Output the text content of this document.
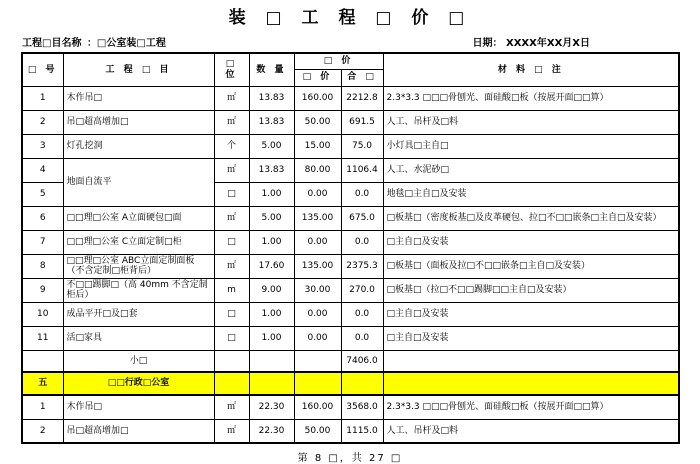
装 □ 工 程 □ 价 □
工程□目名称 ：□公室装□工程	日期： XXXX年XX月X日
□ 号	工 程 □ 目	□ 位	数 量	□ 价		材 料 □ 注
				□ 价	合 □	
1	木作吊□	㎡	13.83	160.00	2212.8	2.3*3.3 □□□骨刨光、面硅酸□板（按展开面□□算）
2	吊□超高增加□	㎡	13.83	50.00	691.5	人工、吊杆及□料
3	灯孔挖洞	个	5.00	15.00	75.0	小灯具□主自□
4	地面自流平	㎡	13.83	80.00	1106.4	人工、水泥砂□
5		□	1.00	0.00	0.0	地毯□主自□及安装
6	□□理□公室 A立面硬包□面	㎡	5.00	135.00	675.0	□板基□（密度板基□及皮革硬包、拉□不□□嵌条□主自□及安装）
7	□□理□公室 C立面定制□柜	□	1.00	0.00	0.0	□主自□及安装
8	□□理□公室 ABC立面定制面板（不含定制□柜背后）	㎡	17.60	135.00	2375.3	□板基□（面板及拉□不□□嵌条□主自□及安装）
9	不□□踢脚□（高 40mm 不含定制柜后）	m	9.00	30.00	270.0	□板基□（拉□不□□踢脚□□主自□及安装）
10	成品平开□及□套	□	1.00	0.00	0.0	□主自□及安装
11	活□家具	□	1.00	0.00	0.0	□主自□及安装
	小□				7406.0	
五	□□行政□公室					
1	木作吊□	㎡	22.30	160.00	3568.0	2.3*3.3 □□□骨刨光、面硅酸□板（按展开面□□算）
2	吊□超高增加□	㎡	22.30	50.00	1115.0	人工、吊杆及□料
第 8 □，共 27 □
